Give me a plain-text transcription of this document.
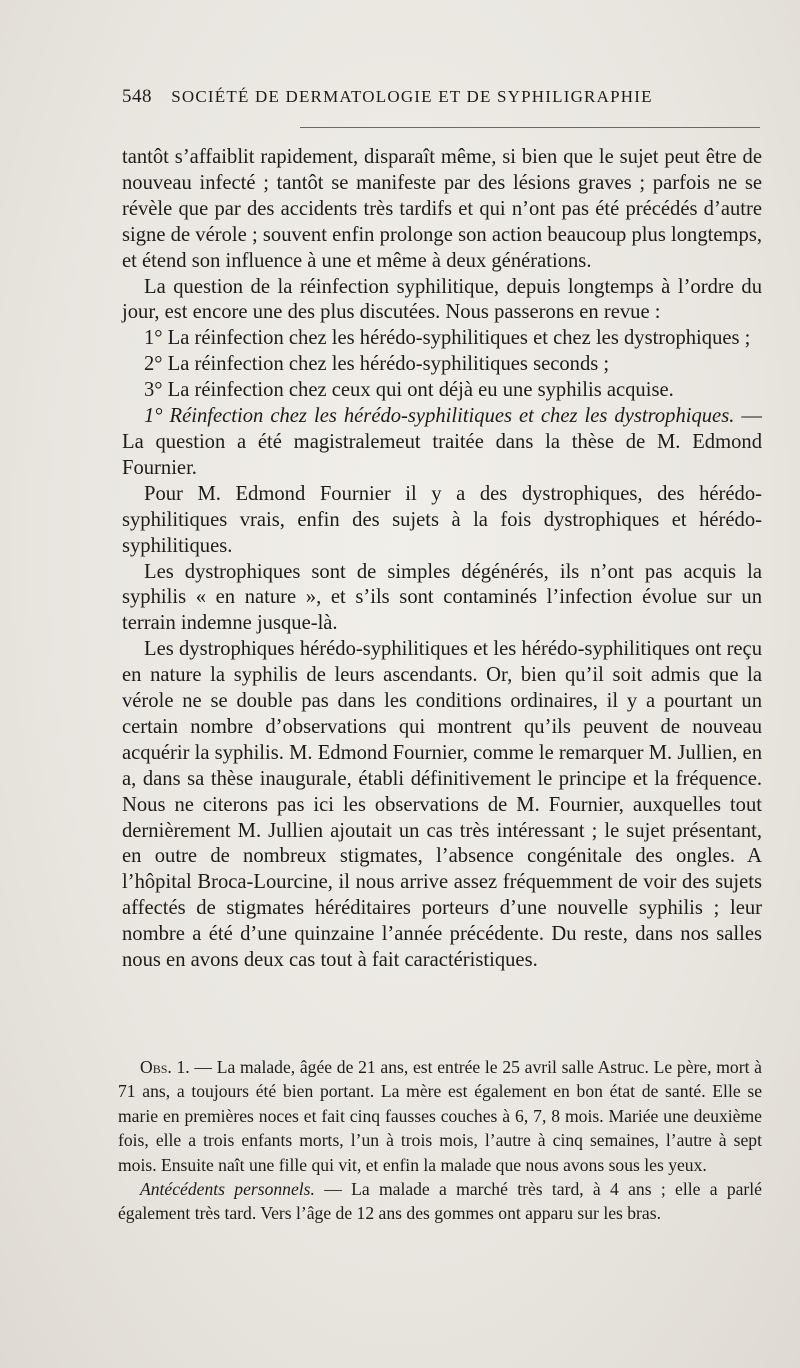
548 SOCIÉTÉ DE DERMATOLOGIE ET DE SYPHILIGRAPHIE

tantôt s’affaiblit rapidement, disparaît même, si bien que le sujet peut être de nouveau infecté ; tantôt se manifeste par des lésions graves ; parfois ne se révèle que par des accidents très tardifs et qui n’ont pas été précédés d’autre signe de vérole ; souvent enfin prolonge son action beaucoup plus longtemps, et étend son influence à une et même à deux générations.

La question de la réinfection syphilitique, depuis longtemps à l’ordre du jour, est encore une des plus discutées. Nous passerons en revue :

1° La réinfection chez les hérédo-syphilitiques et chez les dystrophiques ;

2° La réinfection chez les hérédo-syphilitiques seconds ;

3° La réinfection chez ceux qui ont déjà eu une syphilis acquise.

1° Réinfection chez les hérédo-syphilitiques et chez les dystrophiques. — La question a été magistralemeut traitée dans la thèse de M. Edmond Fournier.

Pour M. Edmond Fournier il y a des dystrophiques, des hérédo-syphilitiques vrais, enfin des sujets à la fois dystrophiques et hérédo-syphilitiques.

Les dystrophiques sont de simples dégénérés, ils n’ont pas acquis la syphilis « en nature », et s’ils sont contaminés l’infection évolue sur un terrain indemne jusque-là.

Les dystrophiques hérédo-syphilitiques et les hérédo-syphilitiques ont reçu en nature la syphilis de leurs ascendants. Or, bien qu’il soit admis que la vérole ne se double pas dans les conditions ordinaires, il y a pourtant un certain nombre d’observations qui montrent qu’ils peuvent de nouveau acquérir la syphilis. M. Edmond Fournier, comme le remarquer M. Jullien, en a, dans sa thèse inaugurale, établi définitivement le principe et la fréquence. Nous ne citerons pas ici les observations de M. Fournier, auxquelles tout dernièrement M. Jullien ajoutait un cas très intéressant ; le sujet présentant, en outre de nombreux stigmates, l’absence congénitale des ongles. A l’hôpital Broca-Lourcine, il nous arrive assez fréquemment de voir des sujets affectés de stigmates héréditaires porteurs d’une nouvelle syphilis ; leur nombre a été d’une quinzaine l’année précédente. Du reste, dans nos salles nous en avons deux cas tout à fait caractéristiques.

Obs. 1. — La malade, âgée de 21 ans, est entrée le 25 avril salle Astruc. Le père, mort à 71 ans, a toujours été bien portant. La mère est également en bon état de santé. Elle se marie en premières noces et fait cinq fausses couches à 6, 7, 8 mois. Mariée une deuxième fois, elle a trois enfants morts, l’un à trois mois, l’autre à cinq semaines, l’autre à sept mois. Ensuite naît une fille qui vit, et enfin la malade que nous avons sous les yeux.

Antécédents personnels. — La malade a marché très tard, à 4 ans ; elle a parlé également très tard. Vers l’âge de 12 ans des gommes ont apparu sur les bras.
